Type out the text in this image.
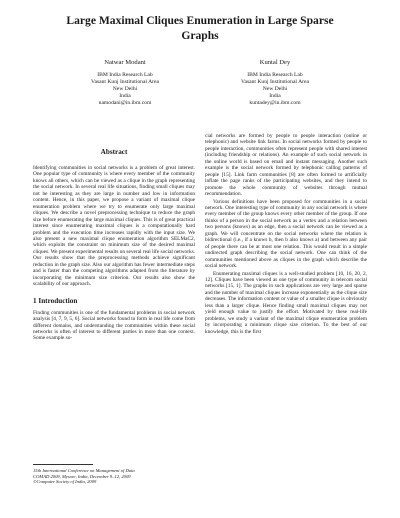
Large Maximal Cliques Enumeration in Large Sparse
Graphs
Natwar Modani
IBM India Research Lab
Vasant Kunj Institutional Area
New Delhi
India
namodani@in.ibm.com
Kuntal Dey
IBM India Research Lab
Vasant Kunj Institutional Area
New Delhi
India
kuntadey@in.ibm.com
Abstract

Identifying communities in social networks is a problem of great interest. One popular type of community is where every member of the community knows all others, which can be viewed as a clique in the graph representing the social network. In several real life situations, finding small cliques may not be interesting as they are large in number and low in information content. Hence, in this paper, we propose a variant of maximal clique enumeration problem where we try to enumerate only large maximal cliques. We describe a novel preprocessing technique to reduce the graph size before enumerating the large maximal cliques. This is of great practical interest since enumerating maximal cliques is a computationally hard problem and the execution time increases rapidly with the input size. We also present a new maximal clique enumeration algorithm SELMaC2, which exploits the constraint on minimum size of the desired maximal cliques. We present experimental results on several real life social networks. Our results show that the preprocessing methods achieve significant reduction in the graph size. Also our algorithm has fewer intermediate steps and is faster than the competing algorithms adapted from the literature by incorporating the minimum size criterion. Our results also show the scalability of our approach.

1 Introduction

Finding communities is one of the fundamental problems in social network analysis [4, 7, 9, 5, 6]. Social networks found to form in real life come from different domains, and understanding the communities within these social networks is often of interest to different parties in more than one context. Some example so-

cial networks are formed by people to people interaction (online or telephonic) and website link farms. In social networks formed by people to people interaction, communities often represent people with shared interest (including friendship or relations). An example of such social network in the online world is based on email and instant messaging. Another such example is the social network formed by telephonic calling patterns of people [15]. Link farm communities [8] are often formed to artificially inflate the page ranks of the participating websites, and they intend to promote the whole community of websites through mutual recommendation.

Various definitions have been proposed for communities in a social network. One interesting type of community in any social network is where every member of the group knows every other member of the group. If one thinks of a person in the social network as a vertex and a relation between two persons (knows) as an edge, then a social network can be viewed as a graph. We will concentrate on the social networks where the relation is bidirectional (i.e., if a knows b, then b also knows a) and between any pair of people there can be at most one relation. This would result in a simple undirected graph describing the social network. One can think of the communities mentioned above as cliques in the graph which describe the social network.

Enumerating maximal cliques is a well-studied problem [10, 16, 20, 2, 12]. Cliques have been viewed as one type of community in telecom social networks [15, 1]. The graphs in such applications are very large and sparse and the number of maximal cliques increase exponentially as the clique size decreases. The information content or value of a smaller clique is obviously less than a larger clique. Hence finding small maximal cliques may not yield enough value to justify the effort. Motivated by these real-life problems, we study a variant of the maximal clique enumeration problem by incorporating a minimum clique size criterion. To the best of our knowledge, this is the first

15th International Conference on Management of Data
COMAD 2009, Mysore, India, December 9–12, 2009
©Computer Society of India, 2009
